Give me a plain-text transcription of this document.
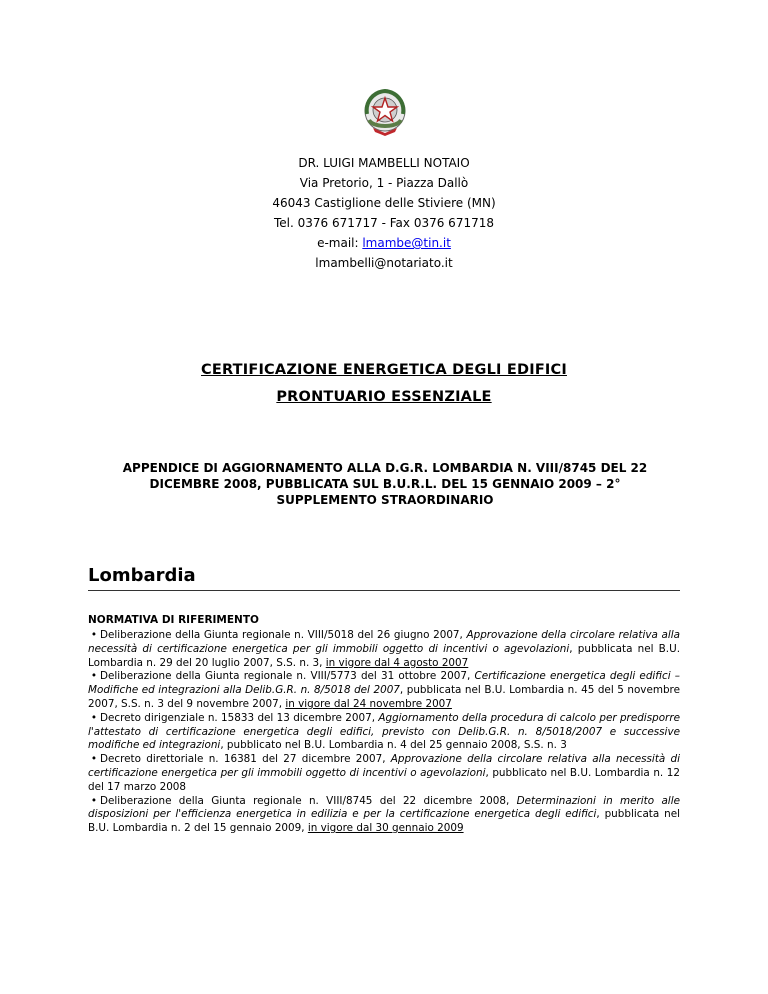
DR. LUIGI MAMBELLI NOTAIO
Via Pretorio, 1 - Piazza Dallò
46043 Castiglione delle Stiviere (MN)
Tel. 0376 671717 - Fax 0376 671718
e-mail: lmambe@tin.it
lmambelli@notariato.it
CERTIFICAZIONE ENERGETICA DEGLI EDIFICI
PRONTUARIO ESSENZIALE
APPENDICE DI AGGIORNAMENTO ALLA D.G.R. LOMBARDIA N. VIII/8745 DEL 22
DICEMBRE 2008, PUBBLICATA SUL B.U.R.L. DEL 15 GENNAIO 2009 – 2°
SUPPLEMENTO STRAORDINARIO
Lombardia
NORMATIVA DI RIFERIMENTO

• Deliberazione della Giunta regionale n. VIII/5018 del 26 giugno 2007, Approvazione della circolare relativa alla necessità di certificazione energetica per gli immobili oggetto di incentivi o agevolazioni, pubblicata nel B.U. Lombardia n. 29 del 20 luglio 2007, S.S. n. 3, in vigore dal 4 agosto 2007

• Deliberazione della Giunta regionale n. VIII/5773 del 31 ottobre 2007, Certificazione energetica degli edifici – Modifiche ed integrazioni alla Delib.G.R. n. 8/5018 del 2007, pubblicata nel B.U. Lombardia n. 45 del 5 novembre 2007, S.S. n. 3 del 9 novembre 2007, in vigore dal 24 novembre 2007

• Decreto dirigenziale n. 15833 del 13 dicembre 2007, Aggiornamento della procedura di calcolo per predisporre l'attestato di certificazione energetica degli edifici, previsto con Delib.G.R. n. 8/5018/2007 e successive modifiche ed integrazioni, pubblicato nel B.U. Lombardia n. 4 del 25 gennaio 2008, S.S. n. 3

• Decreto direttoriale n. 16381 del 27 dicembre 2007, Approvazione della circolare relativa alla necessità di certificazione energetica per gli immobili oggetto di incentivi o agevolazioni, pubblicato nel B.U. Lombardia n. 12 del 17 marzo 2008

• Deliberazione della Giunta regionale n. VIII/8745 del 22 dicembre 2008, Determinazioni in merito alle disposizioni per l'efficienza energetica in edilizia e per la certificazione energetica degli edifici, pubblicata nel B.U. Lombardia n. 2 del 15 gennaio 2009, in vigore dal 30 gennaio 2009
